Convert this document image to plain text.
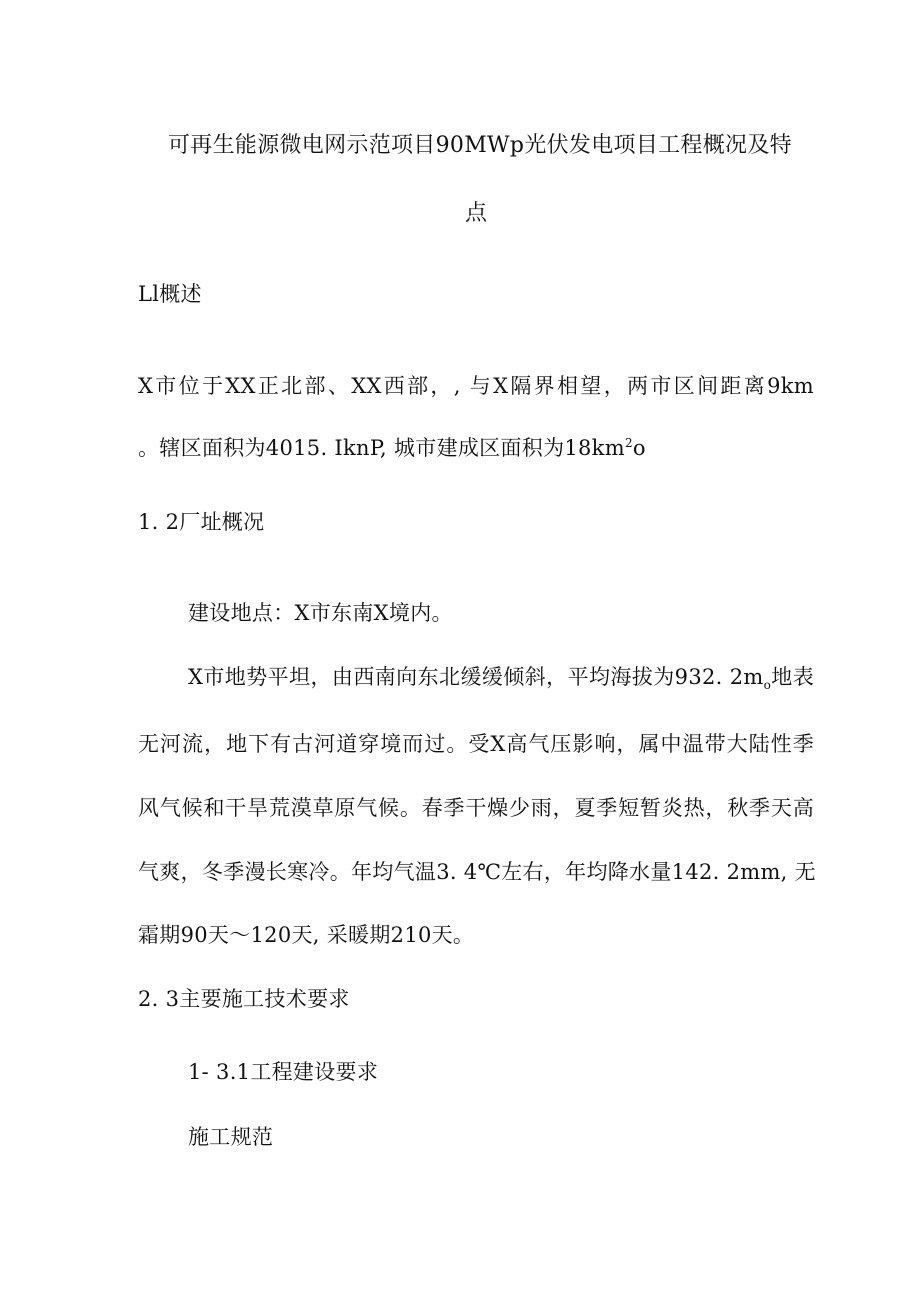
可再生能源微电网示范项目90MWp光伏发电项目工程概况及特
点
Ll概述
X市位于XX正北部、XX西部，, 与X隔界相望，两市区间距离9km
。辖区面积为4015. IknP, 城市建成区面积为$18km^2o$
1. 2厂址概况
建设地点：X市东南X境内。
X市地势平坦，由西南向东北缓缓倾斜，平均海拔为932. $2m_o$地表
无河流，地下有古河道穿境而过。受X高气压影响，属中温带大陆性季
风气候和干旱荒漠草原气候。春季干燥少雨，夏季短暂炎热，秋季天高
气爽，冬季漫长寒冷。年均气温3. 4℃左右，年均降水量142. 2mm, 无
霜期90天～120天, 采暖期210天。
2. 3主要施工技术要求
1- 3.1工程建设要求
施工规范
